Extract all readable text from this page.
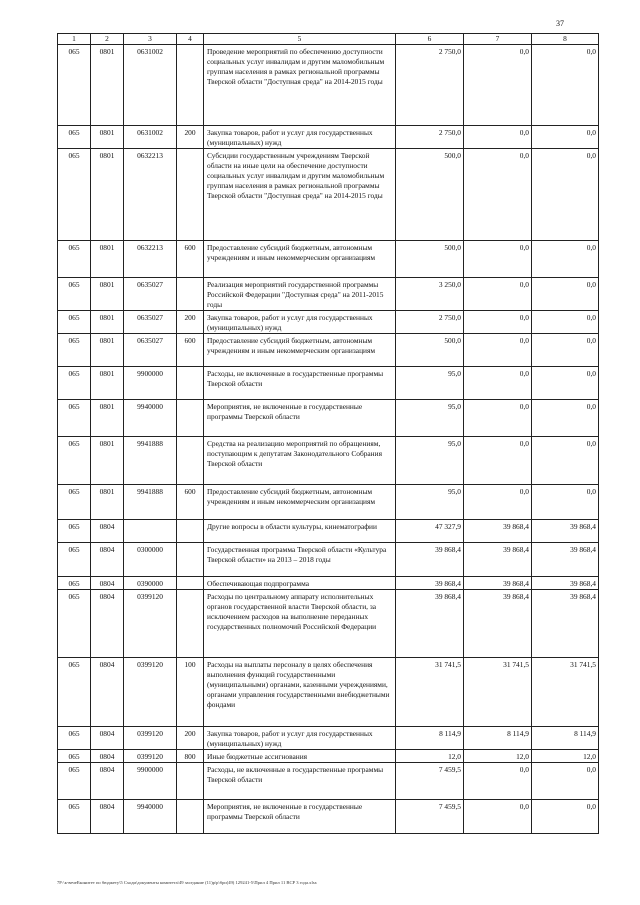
37
1	2	3	4	5	6	7	8
065	0801	0631002		Проведение мероприятий по обеспечению доступности социальных услуг инвалидам и другим маломобильным группам населения в рамках региональной программы Тверской области "Доступная среда" на 2014-2015 годы	2 750,0	0,0	0,0
065	0801	0631002	200	Закупка товаров, работ и услуг для государственных (муниципальных) нужд	2 750,0	0,0	0,0
065	0801	0632213		Субсидии государственным учреждениям Тверской области на иные цели на обеспечение доступности социальных услуг инвалидам и другим маломобильным группам населения в рамках региональной программы Тверской области "Доступная среда" на 2014-2015 годы	500,0	0,0	0,0
065	0801	0632213	600	Предоставление субсидий бюджетным, автономным учреждениям и иным некоммерческим организациям	500,0	0,0	0,0
065	0801	0635027		Реализация мероприятий государственной программы Российской Федерации "Доступная среда" на 2011-2015 годы	3 250,0	0,0	0,0
065	0801	0635027	200	Закупка товаров, работ и услуг для государственных (муниципальных) нужд	2 750,0	0,0	0,0
065	0801	0635027	600	Предоставление субсидий бюджетным, автономным учреждениям и иным некоммерческим организациям	500,0	0,0	0,0
065	0801	9900000		Расходы, не включенные в государственные программы Тверской области	95,0	0,0	0,0
065	0801	9940000		Мероприятия, не включенные в государственные программы Тверской области	95,0	0,0	0,0
065	0801	9941888		Средства на реализацию мероприятий по обращениям, поступающим к депутатам Законодательного Собрания Тверской области	95,0	0,0	0,0
065	0801	9941888	600	Предоставление субсидий бюджетным, автономным учреждениям и иным некоммерческим организациям	95,0	0,0	0,0
065	0804			Другие вопросы в области культуры, кинематографии	47 327,9	39 868,4	39 868,4
065	0804	0300000		Государственная программа Тверской области «Культура Тверской области» на 2013 – 2018 годы	39 868,4	39 868,4	39 868,4
065	0804	0390000		Обеспечивающая подпрограмма	39 868,4	39 868,4	39 868,4
065	0804	0399120		Расходы по центральному аппарату исполнительных органов государственной власти Тверской области, за исключением расходов на выполнение переданных государственных полномочий Российской Федерации	39 868,4	39 868,4	39 868,4
065	0804	0399120	100	Расходы на выплаты персоналу в целях обеспечения выполнения функций государственными (муниципальными) органами, казенными учреждениями, органами управления государственными внебюджетными фондами	31 741,5	31 741,5	31 741,5
065	0804	0399120	200	Закупка товаров, работ и услуг для государственных (муниципальных) нужд	8 114,9	8 114,9	8 114,9
065	0804	0399120	800	Иные бюджетные ассигнования	12,0	12,0	12,0
065	0804	9900000		Расходы, не включенные в государственные программы Тверской области	7 459,5	0,0	0,0
065	0804	9940000		Мероприятия, не включенные в государственные программы Тверской области	7 459,5	0,0	0,0
7Р:\к-вечеЕконитет по бюджету\5 Сходи\документы комитета\49 заседание (11)р\р\бро(49) 129241-5\Прил 4 Прил 11 ВСР 3 года.xlsx
